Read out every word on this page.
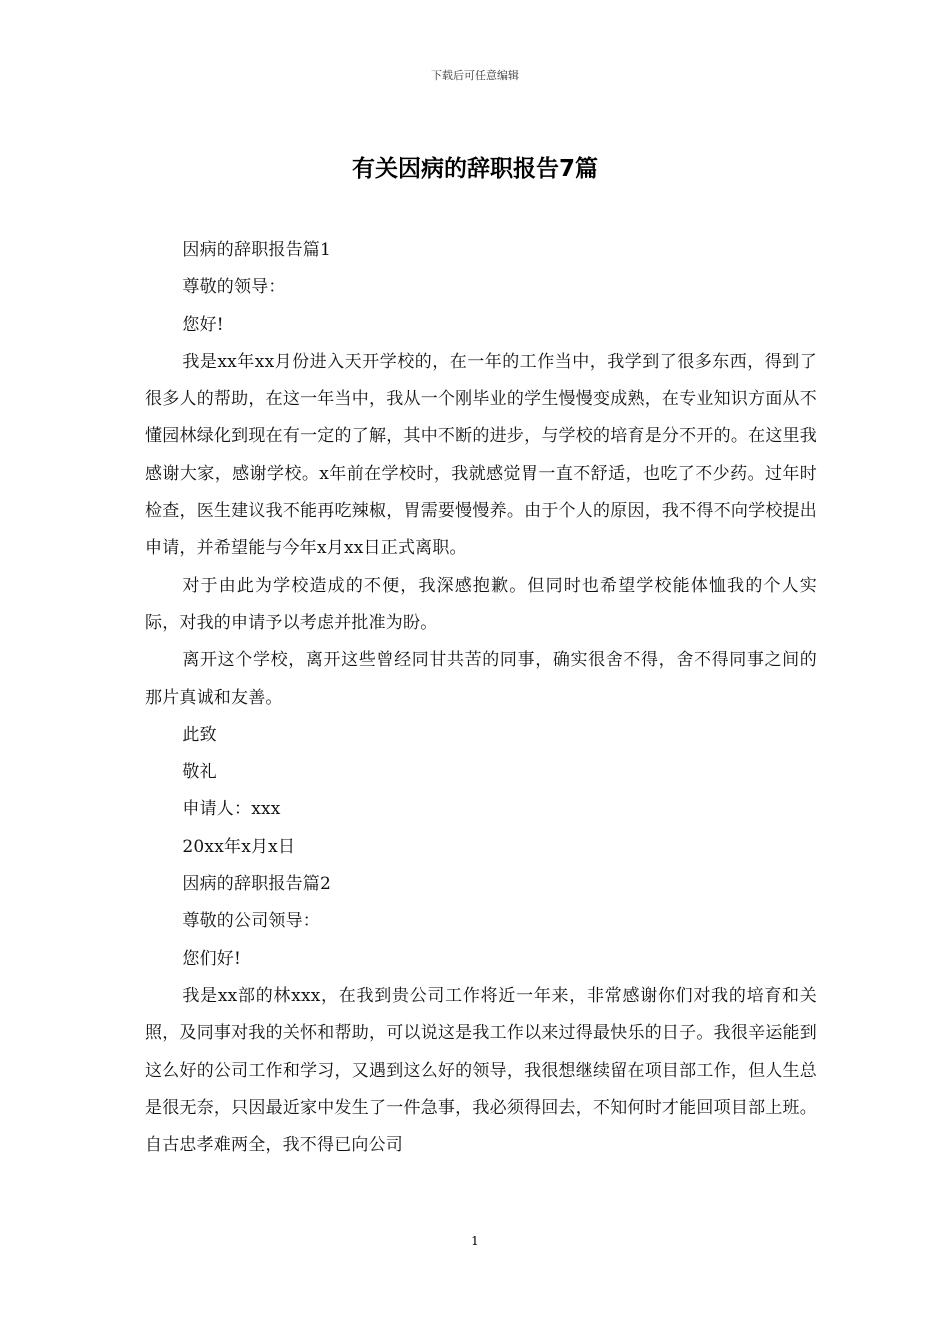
下载后可任意编辑
有关因病的辞职报告7篇

因病的辞职报告篇1

尊敬的领导：

您好!

我是xx年xx月份进入天开学校的，在一年的工作当中，我学到了很多东西，得到了很多人的帮助，在这一年当中，我从一个刚毕业的学生慢慢变成熟，在专业知识方面从不懂园林绿化到现在有一定的了解，其中不断的进步，与学校的培育是分不开的。在这里我感谢大家，感谢学校。x年前在学校时，我就感觉胃一直不舒适，也吃了不少药。过年时检查，医生建议我不能再吃辣椒，胃需要慢慢养。由于个人的原因，我不得不向学校提出申请，并希望能与今年x月xx日正式离职。

对于由此为学校造成的不便，我深感抱歉。但同时也希望学校能体恤我的个人实际，对我的申请予以考虑并批准为盼。

离开这个学校，离开这些曾经同甘共苦的同事，确实很舍不得，舍不得同事之间的那片真诚和友善。

此致

敬礼

申请人：xxx

20xx年x月x日

因病的辞职报告篇2

尊敬的公司领导：

您们好!

我是xx部的林xxx，在我到贵公司工作将近一年来，非常感谢你们对我的培育和关照，及同事对我的关怀和帮助，可以说这是我工作以来过得最快乐的日子。我很辛运能到这么好的公司工作和学习，又遇到这么好的领导，我很想继续留在项目部工作，但人生总是很无奈，只因最近家中发生了一件急事，我必须得回去，不知何时才能回项目部上班。自古忠孝难两全，我不得已向公司

1
